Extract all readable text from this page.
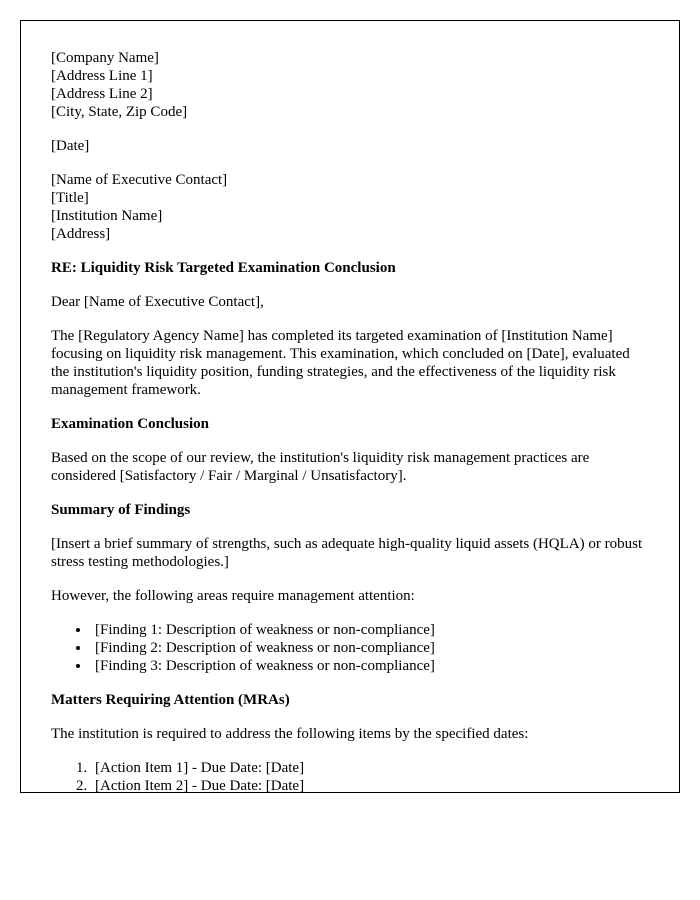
[Company Name]
[Address Line 1]
[Address Line 2]
[City, State, Zip Code]
[Date]
[Name of Executive Contact]
[Title]
[Institution Name]
[Address]

RE: Liquidity Risk Targeted Examination Conclusion

Dear [Name of Executive Contact],

The [Regulatory Agency Name] has completed its targeted examination of [Institution Name] focusing on liquidity risk management. This examination, which concluded on [Date], evaluated the institution's liquidity position, funding strategies, and the effectiveness of the liquidity risk management framework.

Examination Conclusion

Based on the scope of our review, the institution's liquidity risk management practices are considered [Satisfactory / Fair / Marginal / Unsatisfactory].

Summary of Findings

[Insert a brief summary of strengths, such as adequate high-quality liquid assets (HQLA) or robust stress testing methodologies.]

However, the following areas require management attention:

• [Finding 1: Description of weakness or non-compliance]
• [Finding 2: Description of weakness or non-compliance]
• [Finding 3: Description of weakness or non-compliance]

Matters Requiring Attention (MRAs)

The institution is required to address the following items by the specified dates:

1. [Action Item 1] - Due Date: [Date]
2. [Action Item 2] - Due Date: [Date]
